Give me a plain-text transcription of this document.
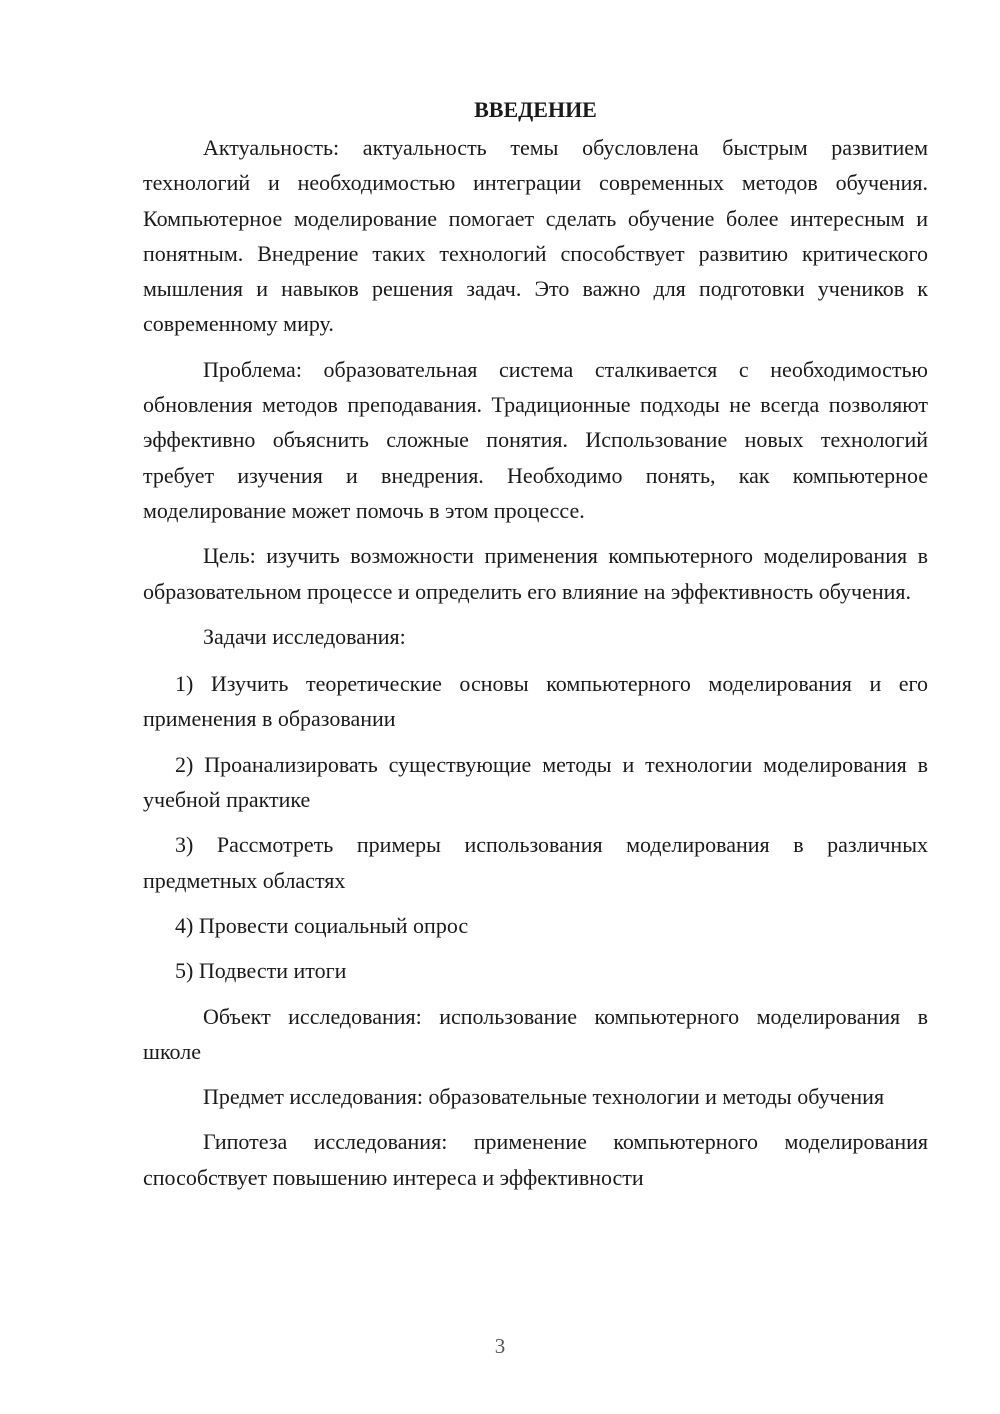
ВВЕДЕНИЕ

Актуальность: актуальность темы обусловлена быстрым развитием технологий и необходимостью интеграции современных методов обучения. Компьютерное моделирование помогает сделать обучение более интересным и понятным. Внедрение таких технологий способствует развитию критического мышления и навыков решения задач. Это важно для подготовки учеников к современному миру.

Проблема: образовательная система сталкивается с необходимостью обновления методов преподавания. Традиционные подходы не всегда позволяют эффективно объяснить сложные понятия. Использование новых технологий требует изучения и внедрения. Необходимо понять, как компьютерное моделирование может помочь в этом процессе.

Цель: изучить возможности применения компьютерного моделирования в образовательном процессе и определить его влияние на эффективность обучения.

Задачи исследования:

1) Изучить теоретические основы компьютерного моделирования и его применения в образовании

2) Проанализировать существующие методы и технологии моделирования в учебной практике

3) Рассмотреть примеры использования моделирования в различных предметных областях

4) Провести социальный опрос

5) Подвести итоги

Объект исследования: использование компьютерного моделирования в школе

Предмет исследования: образовательные технологии и методы обучения

Гипотеза исследования: применение компьютерного моделирования способствует повышению интереса и эффективности

3
